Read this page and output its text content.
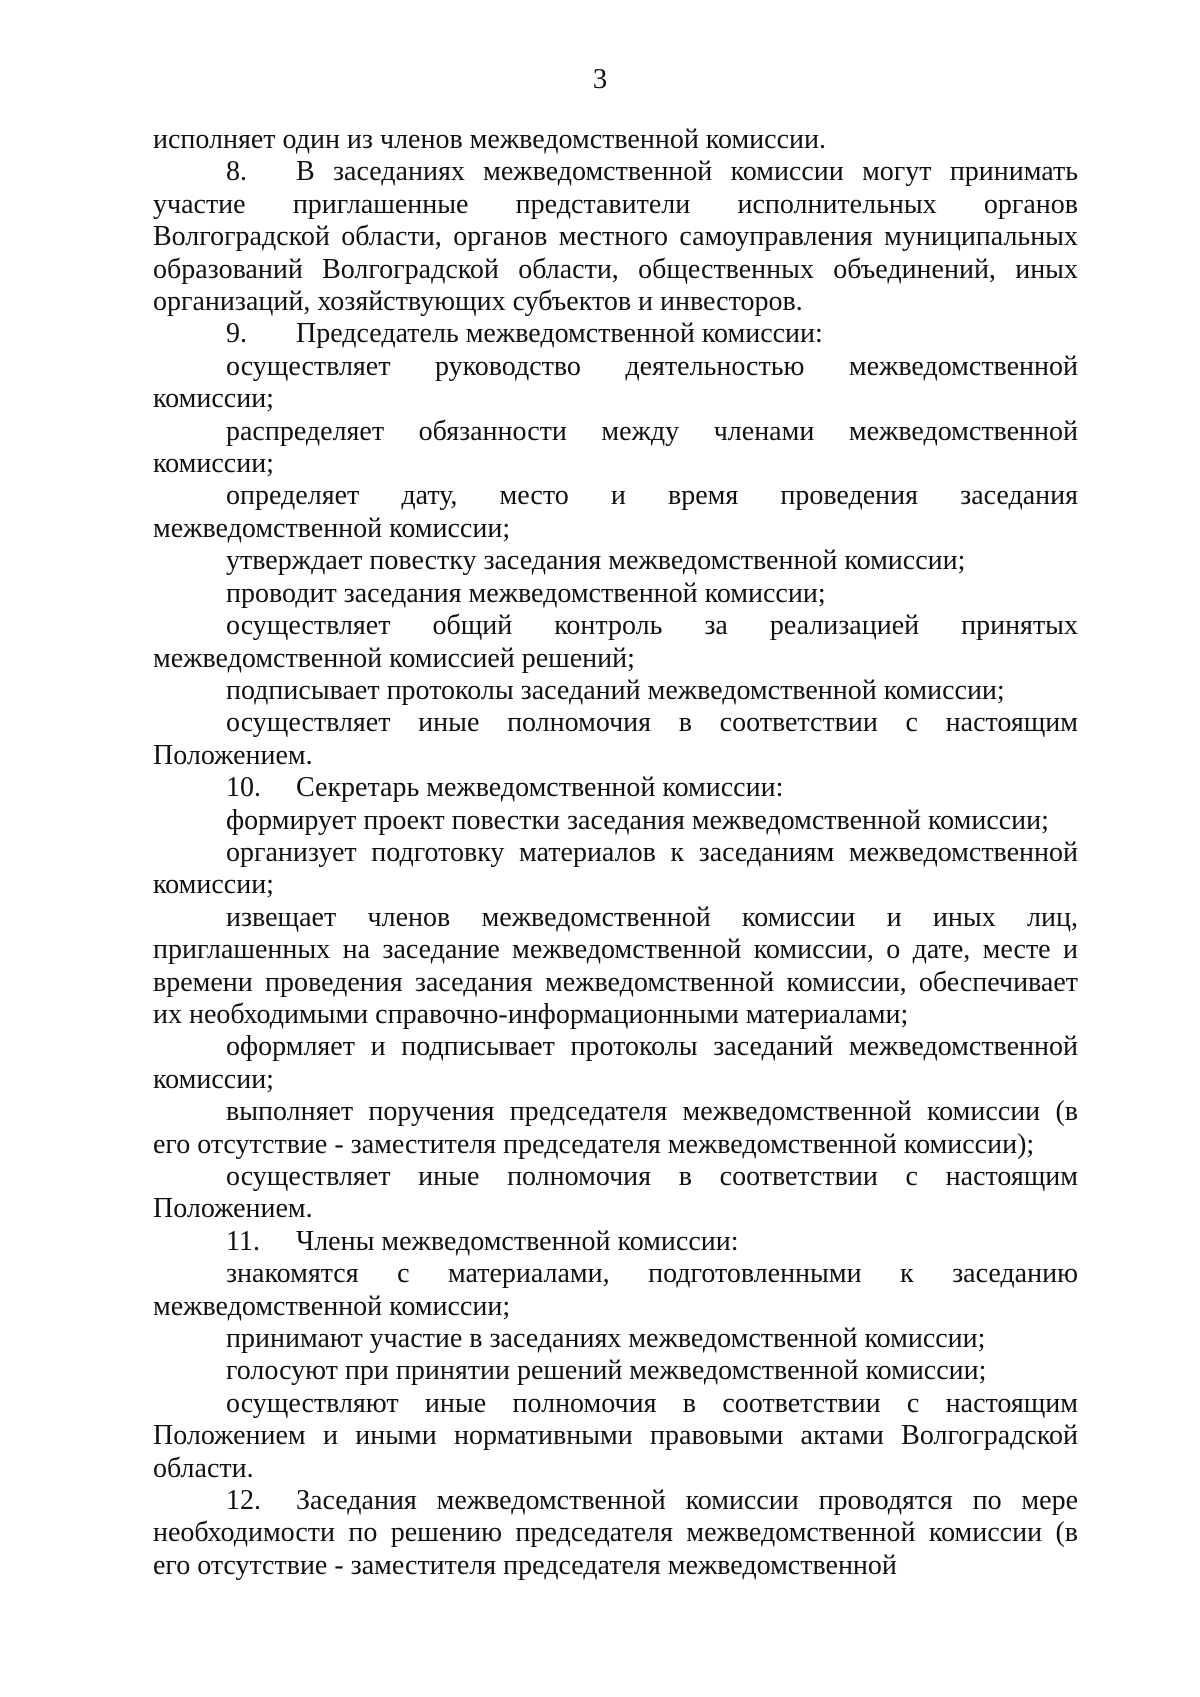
3

исполняет один из членов межведомственной комиссии.

8. В заседаниях межведомственной комиссии могут принимать участие приглашенные представители исполнительных органов Волгоградской области, органов местного самоуправления муниципальных образований Волгоградской области, общественных объединений, иных организаций, хозяйствующих субъектов и инвесторов.

9. Председатель межведомственной комиссии:

осуществляет руководство деятельностью межведомственной комиссии;

распределяет обязанности между членами межведомственной комиссии;

определяет дату, место и время проведения заседания межведомственной комиссии;

утверждает повестку заседания межведомственной комиссии;

проводит заседания межведомственной комиссии;

осуществляет общий контроль за реализацией принятых межведомственной комиссией решений;

подписывает протоколы заседаний межведомственной комиссии;

осуществляет иные полномочия в соответствии с настоящим Положением.

10. Секретарь межведомственной комиссии:

формирует проект повестки заседания межведомственной комиссии;

организует подготовку материалов к заседаниям межведомственной комиссии;

извещает членов межведомственной комиссии и иных лиц, приглашенных на заседание межведомственной комиссии, о дате, месте и времени проведения заседания межведомственной комиссии, обеспечивает их необходимыми справочно-информационными материалами;

оформляет и подписывает протоколы заседаний межведомственной комиссии;

выполняет поручения председателя межведомственной комиссии (в его отсутствие - заместителя председателя межведомственной комиссии);

осуществляет иные полномочия в соответствии с настоящим Положением.

11. Члены межведомственной комиссии:

знакомятся с материалами, подготовленными к заседанию межведомственной комиссии;

принимают участие в заседаниях межведомственной комиссии;

голосуют при принятии решений межведомственной комиссии;

осуществляют иные полномочия в соответствии с настоящим Положением и иными нормативными правовыми актами Волгоградской области.

12. Заседания межведомственной комиссии проводятся по мере необходимости по решению председателя межведомственной комиссии (в его отсутствие - заместителя председателя межведомственной
